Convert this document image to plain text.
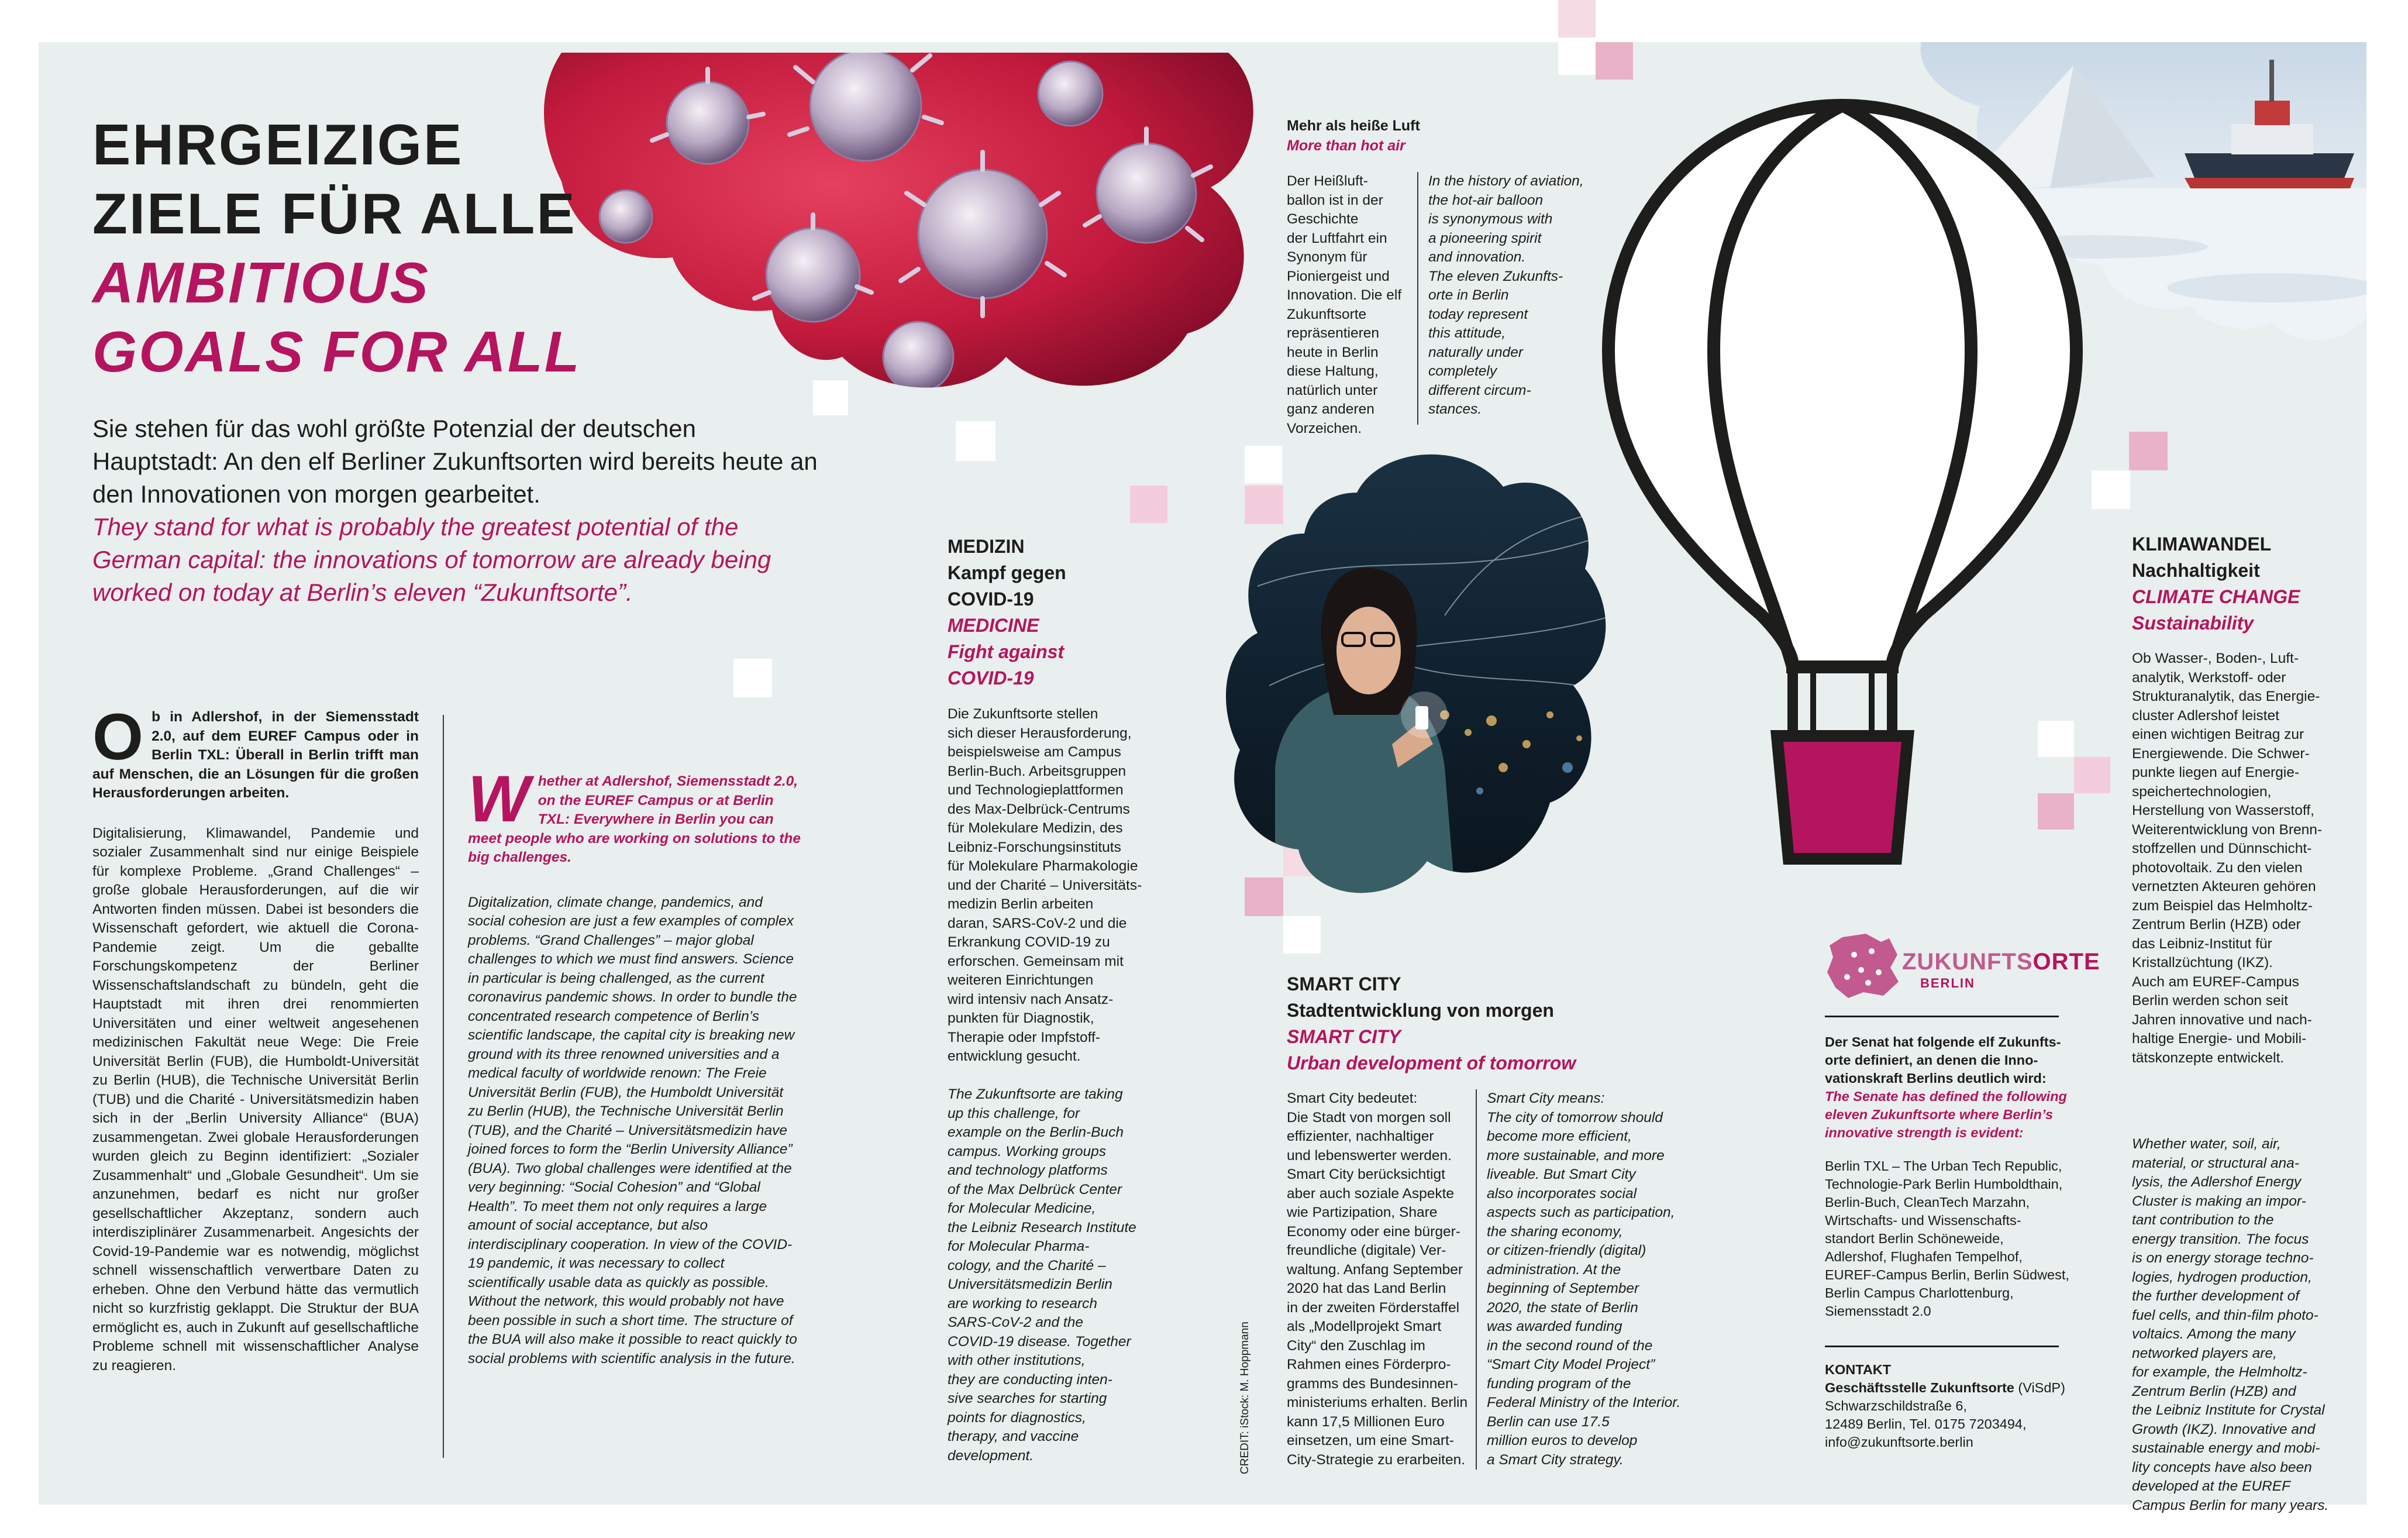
EHRGEIZIGE
ZIELE FÜR ALLE
AMBITIOUS
GOALS FOR ALL
Sie stehen für das wohl größte Potenzial der deutschen Hauptstadt: An den elf Berliner Zukunftsorten wird bereits heute an den Innovationen von morgen gearbeitet.
They stand for what is probably the greatest potential of the German capital: the innovations of tomorrow are already being worked on today at Berlin’s eleven “Zukunftsorte”.
O b in Adlershof, in der Siemensstadt 2.0, auf dem EUREF Campus oder in Berlin TXL: Überall in Berlin trifft man auf Menschen, die an Lösungen für die großen Herausforderungen arbeiten.
Digitalisierung, Klimawandel, Pandemie und sozialer Zusammenhalt sind nur einige Beispiele für komplexe Probleme. „Grand Challenges“ – große globale Herausforderungen, auf die wir Antworten finden müssen. Dabei ist besonders die Wissenschaft gefordert, wie aktuell die Corona-Pandemie zeigt. Um die geballte Forschungskompetenz der Berliner Wissenschaftslandschaft zu bündeln, geht die Hauptstadt mit ihren drei renommierten Universitäten und einer weltweit angesehenen medizinischen Fakultät neue Wege: Die Freie Universität Berlin (FUB), die Humboldt-Universität zu Berlin (HUB), die Technische Universität Berlin (TUB) und die Charité - Universitätsmedizin haben sich in der „Berlin University Alliance“ (BUA) zusammengetan. Zwei globale Herausforderungen wurden gleich zu Beginn identifiziert: „Sozialer Zusammenhalt“ und „Globale Gesundheit“. Um sie anzunehmen, bedarf es nicht nur großer gesellschaftlicher Akzeptanz, sondern auch interdisziplinärer Zusammenarbeit. Angesichts der Covid-19-Pandemie war es notwendig, möglichst schnell wissenschaftlich verwertbare Daten zu erheben. Ohne den Verbund hätte das vermutlich nicht so kurzfristig geklappt. Die Struktur der BUA ermöglicht es, auch in Zukunft auf gesellschaftliche Probleme schnell mit wissenschaftlicher Analyse zu reagieren.
W hether at Adlershof, Siemensstadt 2.0, on the EUREF Campus or at Berlin TXL: Everywhere in Berlin you can meet people who are working on solutions to the big challenges.
Digitalization, climate change, pandemics, and social cohesion are just a few examples of complex problems. “Grand Challenges” – major global challenges to which we must find answers. Science in particular is being challenged, as the current coronavirus pandemic shows. In order to bundle the concentrated research competence of Berlin’s scientific landscape, the capital city is breaking new ground with its three renowned universities and a medical faculty of worldwide renown: The Freie Universität Berlin (FUB), the Humboldt Universität zu Berlin (HUB), the Technische Universität Berlin (TUB), and the Charité – Universitätsmedizin have joined forces to form the “Berlin University Alliance” (BUA). Two global challenges were identified at the very beginning: “Social Cohesion” and “Global Health”. To meet them not only requires a large amount of social acceptance, but also interdisciplinary cooperation. In view of the COVID-19 pandemic, it was necessary to collect scientifically usable data as quickly as possible. Without the network, this would probably not have been possible in such a short time. The structure of the BUA will also make it possible to react quickly to social problems with scientific analysis in the future.
MEDIZIN
Kampf gegen
COVID-19
MEDICINE
Fight against
COVID-19
Die Zukunftsorte stellen
sich dieser Herausforderung,
beispielsweise am Campus
Berlin-Buch. Arbeitsgruppen
und Technologieplattformen
des Max-Delbrück-Centrums
für Molekulare Medizin, des
Leibniz-Forschungsinstituts
für Molekulare Pharmakologie
und der Charité – Universitäts-
medizin Berlin arbeiten
daran, SARS-CoV-2 und die
Erkrankung COVID-19 zu
erforschen. Gemeinsam mit
weiteren Einrichtungen
wird intensiv nach Ansatz-
punkten für Diagnostik,
Therapie oder Impfstoff-
entwicklung gesucht.
The Zukunftsorte are taking
up this challenge, for
example on the Berlin-Buch
campus. Working groups
and technology platforms
of the Max Delbrück Center
for Molecular Medicine,
the Leibniz Research Institute
for Molecular Pharma-
cology, and the Charité –
Universitätsmedizin Berlin
are working to research
SARS-CoV-2 and the
COVID-19 disease. Together
with other institutions,
they are conducting inten-
sive searches for starting
points for diagnostics,
therapy, and vaccine
development.
Mehr als heiße Luft
More than hot air
Der Heißluft-
ballon ist in der
Geschichte
der Luftfahrt ein
Synonym für
Pioniergeist und
Innovation. Die elf
Zukunftsorte
repräsentieren
heute in Berlin
diese Haltung,
natürlich unter
ganz anderen
Vorzeichen.
In the history of aviation,
the hot-air balloon
is synonymous with
a pioneering spirit
and innovation.
The eleven Zukunfts-
orte in Berlin
today represent
this attitude,
naturally under
completely
different circum-
stances.
CREDIT: iStock: M. Hoppmann
SMART CITY
Stadtentwicklung von morgen
SMART CITY
Urban development of tomorrow
Smart City bedeutet:
Die Stadt von morgen soll
effizienter, nachhaltiger
und lebenswerter werden.
Smart City berücksichtigt
aber auch soziale Aspekte
wie Partizipation, Share
Economy oder eine bürger-
freundliche (digitale) Ver-
waltung. Anfang September
2020 hat das Land Berlin
in der zweiten Förderstaffel
als „Modellprojekt Smart
City“ den Zuschlag im
Rahmen eines Förderpro-
gramms des Bundesinnen-
ministeriums erhalten. Berlin
kann 17,5 Millionen Euro
einsetzen, um eine Smart-
City-Strategie zu erarbeiten.
Smart City means:
The city of tomorrow should
become more efficient,
more sustainable, and more
liveable. But Smart City
also incorporates social
aspects such as participation,
the sharing economy,
or citizen-friendly (digital)
administration. At the
beginning of September
2020, the state of Berlin
was awarded funding
in the second round of the
“Smart City Model Project”
funding program of the
Federal Ministry of the Interior.
Berlin can use 17.5
million euros to develop
a Smart City strategy.
ZUKUNFTSORTE
BERLIN
Der Senat hat folgende elf Zukunfts-
orte definiert, an denen die Inno-
vationskraft Berlins deutlich wird:
The Senate has defined the following
eleven Zukunftsorte where Berlin’s
innovative strength is evident:
Berlin TXL – The Urban Tech Republic,
Technologie-Park Berlin Humboldthain,
Berlin-Buch, CleanTech Marzahn,
Wirtschafts- und Wissenschafts-
standort Berlin Schöneweide,
Adlershof, Flughafen Tempelhof,
EUREF-Campus Berlin, Berlin Südwest,
Berlin Campus Charlottenburg,
Siemensstadt 2.0
KONTAKT
Geschäftsstelle Zukunftsorte (ViSdP)
Schwarzschildstraße 6,
12489 Berlin, Tel. 0175 7203494,
info@zukunftsorte.berlin
KLIMAWANDEL
Nachhaltigkeit
CLIMATE CHANGE
Sustainability
Ob Wasser-, Boden-, Luft-
analytik, Werkstoff- oder
Strukturanalytik, das Energie-
cluster Adlershof leistet
einen wichtigen Beitrag zur
Energiewende. Die Schwer-
punkte liegen auf Energie-
speichertechnologien,
Herstellung von Wasserstoff,
Weiterentwicklung von Brenn-
stoffzellen und Dünnschicht-
photovoltaik. Zu den vielen
vernetzten Akteuren gehören
zum Beispiel das Helmholtz-
Zentrum Berlin (HZB) oder
das Leibniz-Institut für
Kristallzüchtung (IKZ).
Auch am EUREF-Campus
Berlin werden schon seit
Jahren innovative und nach-
haltige Energie- und Mobili-
tätskonzepte entwickelt.
Whether water, soil, air,
material, or structural ana-
lysis, the Adlershof Energy
Cluster is making an impor-
tant contribution to the
energy transition. The focus
is on energy storage techno-
logies, hydrogen production,
the further development of
fuel cells, and thin-film photo-
voltaics. Among the many
networked players are,
for example, the Helmholtz-
Zentrum Berlin (HZB) and
the Leibniz Institute for Crystal
Growth (IKZ). Innovative and
sustainable energy and mobi-
lity concepts have also been
developed at the EUREF
Campus Berlin for many years.
